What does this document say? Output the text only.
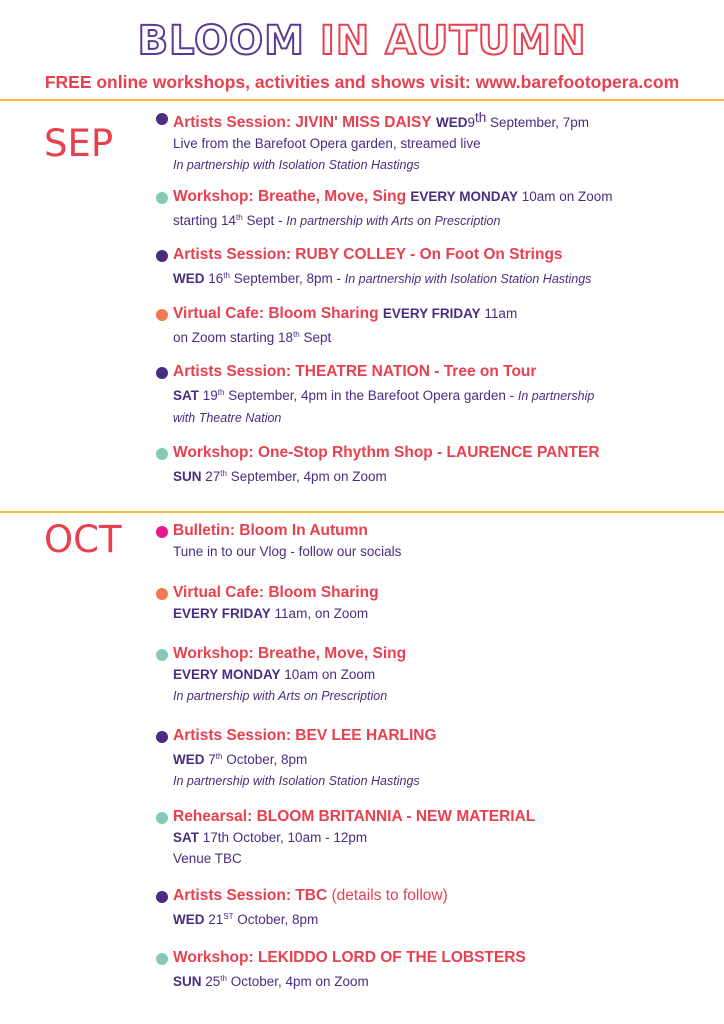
BLOOM IN AUTUMN
FREE online workshops, activities and shows visit: www.barefootopera.com
SEP	Artists Session: JIVIN' MISS DAISY WED9th September, 7pm
Live from the Barefoot Opera garden, streamed live
In partnership with Isolation Station Hastings
Workshop: Breathe, Move, Sing EVERY MONDAY 10am on Zoom
starting 14th Sept - In partnership with Arts on Prescription
Artists Session: RUBY COLLEY - On Foot On Strings
WED 16th September, 8pm - In partnership with Isolation Station Hastings
Virtual Cafe: Bloom Sharing EVERY FRIDAY 11am
on Zoom starting 18th Sept
Artists Session: THEATRE NATION - Tree on Tour
SAT 19th September, 4pm in the Barefoot Opera garden - In partnership
with Theatre Nation
Workshop: One-Stop Rhythm Shop - LAURENCE PANTER
SUN 27th September, 4pm on Zoom
OCT	Bulletin: Bloom In Autumn
Tune in to our Vlog - follow our socials
Virtual Cafe: Bloom Sharing
EVERY FRIDAY 11am, on Zoom
Workshop: Breathe, Move, Sing
EVERY MONDAY 10am on Zoom
In partnership with Arts on Prescription
Artists Session: BEV LEE HARLING
WED 7th October, 8pm
In partnership with Isolation Station Hastings
Rehearsal: BLOOM BRITANNIA - NEW MATERIAL
SAT 17th October, 10am - 12pm
Venue TBC
Artists Session: TBC (details to follow)
WED 21ST October, 8pm
Workshop: LEKIDDO LORD OF THE LOBSTERS
SUN 25th October, 4pm on Zoom
